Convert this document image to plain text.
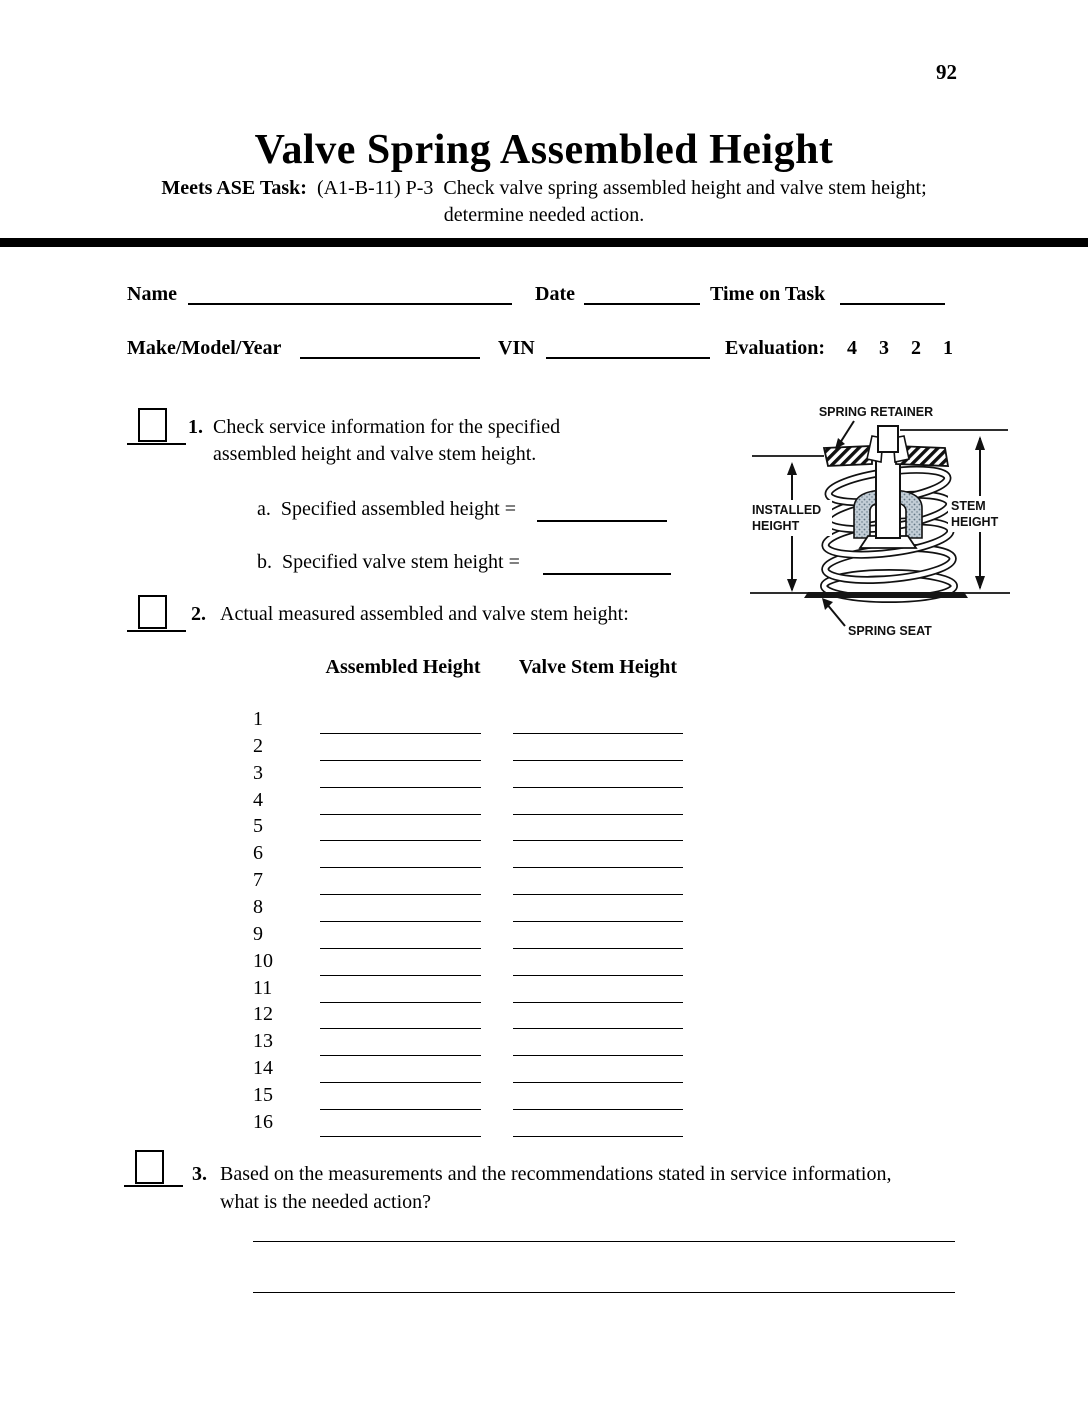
92
Valve Spring Assembled Height
Meets ASE Task:  (A1-B-11) P-3  Check valve spring assembled height and valve stem height;
determine needed action.
Name	Date	Time on Task
Make/Model/Year	VIN	Evaluation: 4 3 2 1
1. Check service information for the specified
assembled height and valve stem height.
a.  Specified assembled height =
b.  Specified valve stem height =
2. Actual measured assembled and valve stem height:
INSTALLED
HEIGHT
STEM
HEIGHT
SPRING RETAINER
SPRING SEAT
Assembled Height	Valve Stem Height
1
2
3
4
5
6
7
8
9
10
11
12
13
14
15
16
3. Based on the measurements and the recommendations stated in service information,
what is the needed action?
